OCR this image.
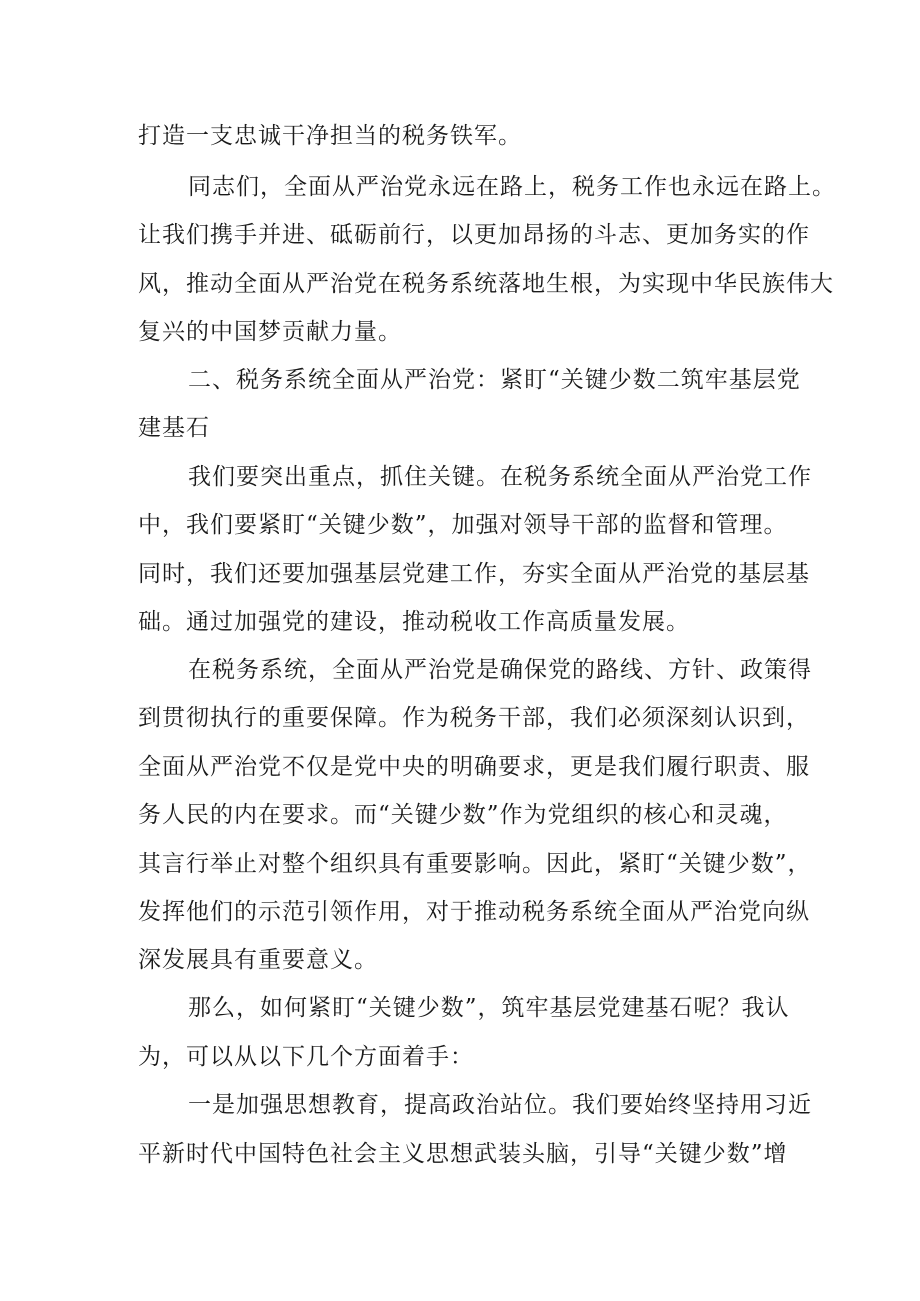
打造一支忠诚干净担当的税务铁军。
同志们，全面从严治党永远在路上，税务工作也永远在路上。
让我们携手并进、砥砺前行，以更加昂扬的斗志、更加务实的作
风，推动全面从严治党在税务系统落地生根，为实现中华民族伟大
复兴的中国梦贡献力量。
二、税务系统全面从严治党：紧盯“关键少数二筑牢基层党
建基石
我们要突出重点，抓住关键。在税务系统全面从严治党工作
中，我们要紧盯“关键少数”，加强对领导干部的监督和管理。
同时，我们还要加强基层党建工作，夯实全面从严治党的基层基
础。通过加强党的建设，推动税收工作高质量发展。
在税务系统，全面从严治党是确保党的路线、方针、政策得
到贯彻执行的重要保障。作为税务干部，我们必须深刻认识到，
全面从严治党不仅是党中央的明确要求，更是我们履行职责、服
务人民的内在要求。而“关键少数”作为党组织的核心和灵魂，
其言行举止对整个组织具有重要影响。因此，紧盯“关键少数”，
发挥他们的示范引领作用，对于推动税务系统全面从严治党向纵
深发展具有重要意义。
那么，如何紧盯“关键少数”，筑牢基层党建基石呢？我认
为，可以从以下几个方面着手：
一是加强思想教育，提高政治站位。我们要始终坚持用习近
平新时代中国特色社会主义思想武装头脑，引导“关键少数”增
